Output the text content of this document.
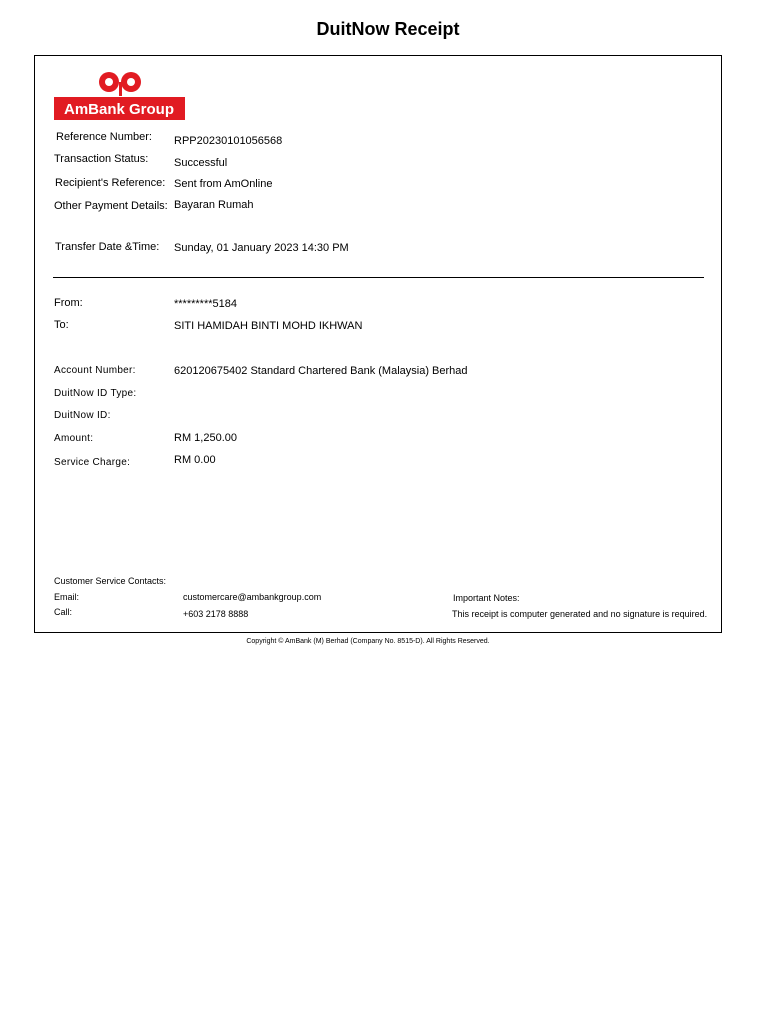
DuitNow Receipt
AmBank Group
Reference Number: RPP20230101056568
Transaction Status: Successful
Recipient's Reference: Sent from AmOnline
Other Payment Details: Bayaran Rumah
Transfer Date &Time: Sunday, 01 January 2023 14:30 PM
From:	*********5184
To:	SITI HAMIDAH BINTI MOHD IKHWAN
Account Number:	620120675402 Standard Chartered Bank (Malaysia) Berhad
DuitNow ID Type:
DuitNow ID:
Amount:	RM 1,250.00
Service Charge:	RM 0.00
Customer Service Contacts:
Email:	customercare@ambankgroup.com
Call:	+603 2178 8888
Important Notes:
This receipt is computer generated and no signature is required.
Copyright © AmBank (M) Berhad (Company No. 8515-D). All Rights Reserved.
